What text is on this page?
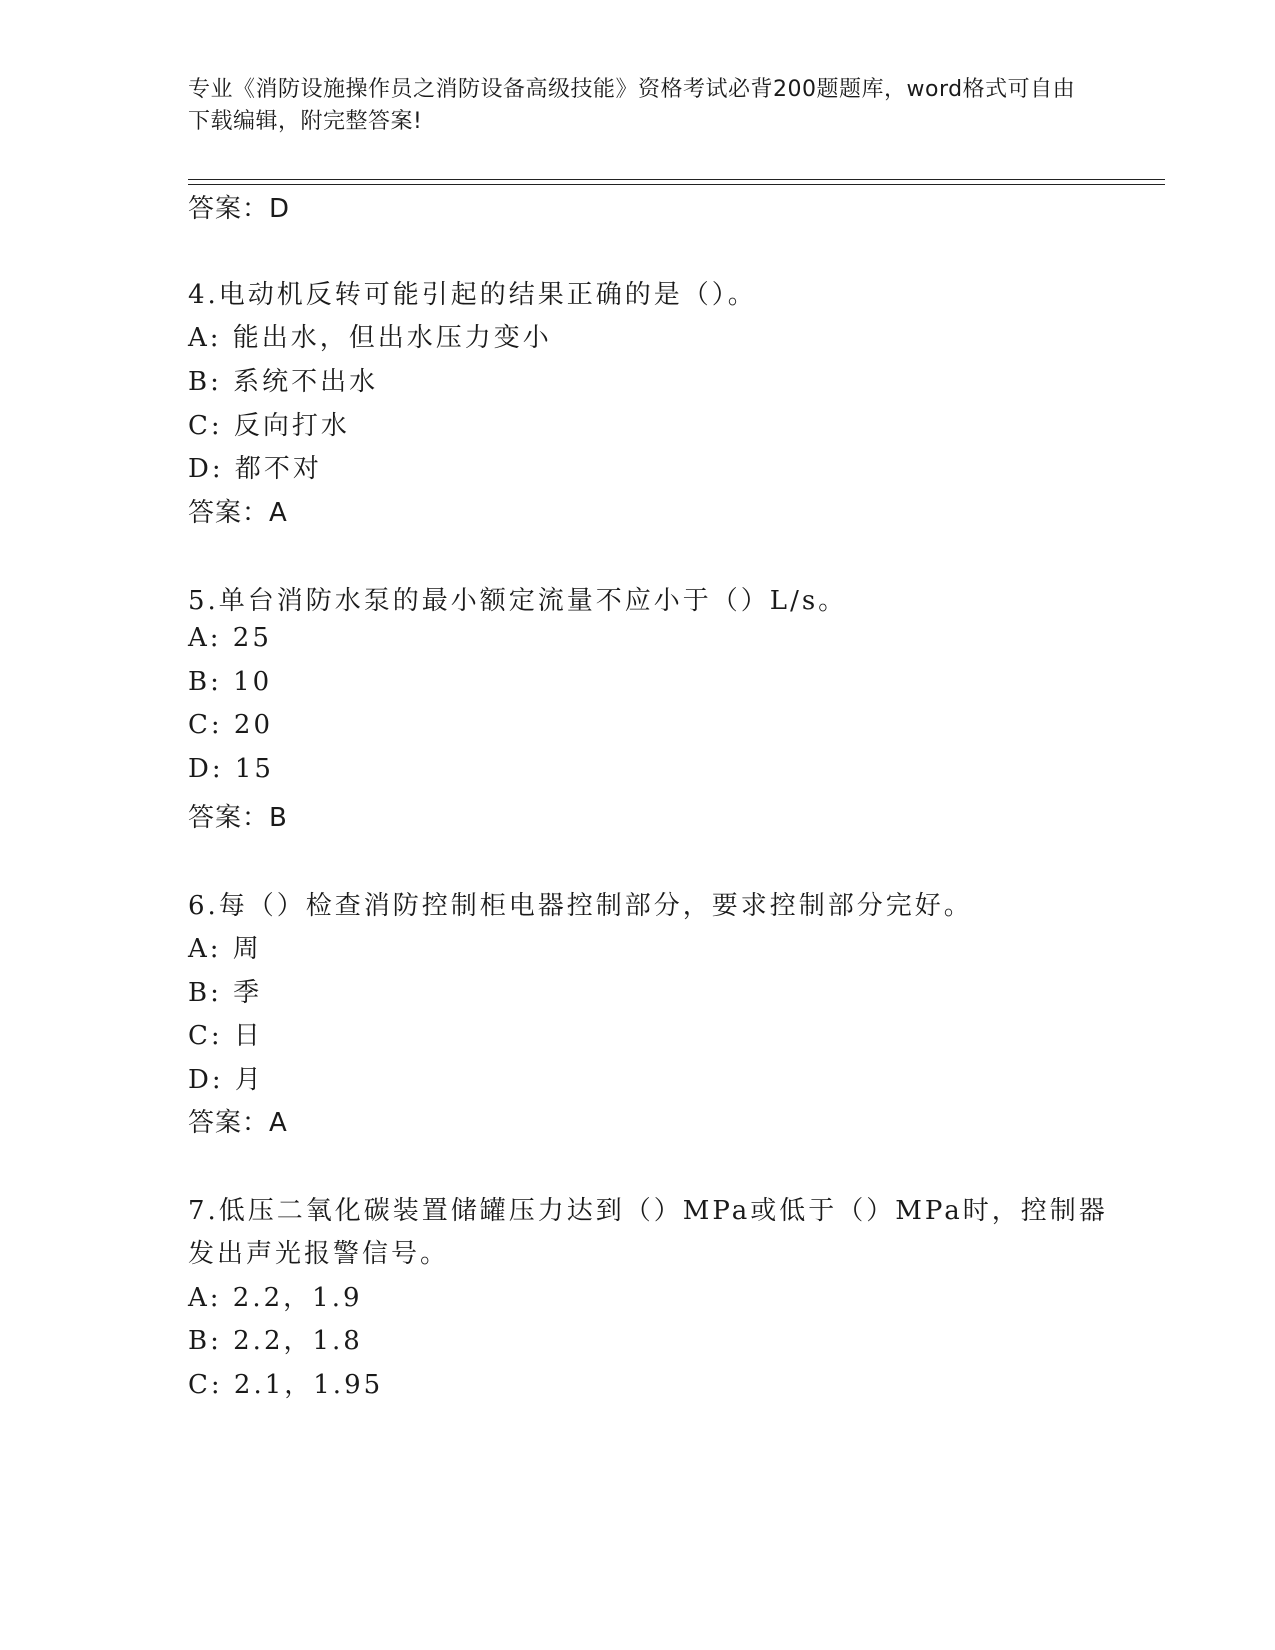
专业《消防设施操作员之消防设备高级技能》资格考试必背200题题库，word格式可自由下载编辑，附完整答案!
答案：D
4.电动机反转可能引起的结果正确的是（）。
A: 能出水，但出水压力变小
B: 系统不出水
C: 反向打水
D: 都不对
答案：A
5.单台消防水泵的最小额定流量不应小于（）L/s。
A: 25
B: 10
C: 20
D: 15
答案：B
6.每（）检查消防控制柜电器控制部分，要求控制部分完好。
A: 周
B: 季
C: 日
D: 月
答案：A
7.低压二氧化碳装置储罐压力达到（）MPa或低于（）MPa时，控制器
发出声光报警信号。
A: 2.2，1.9
B: 2.2，1.8
C: 2.1，1.95
